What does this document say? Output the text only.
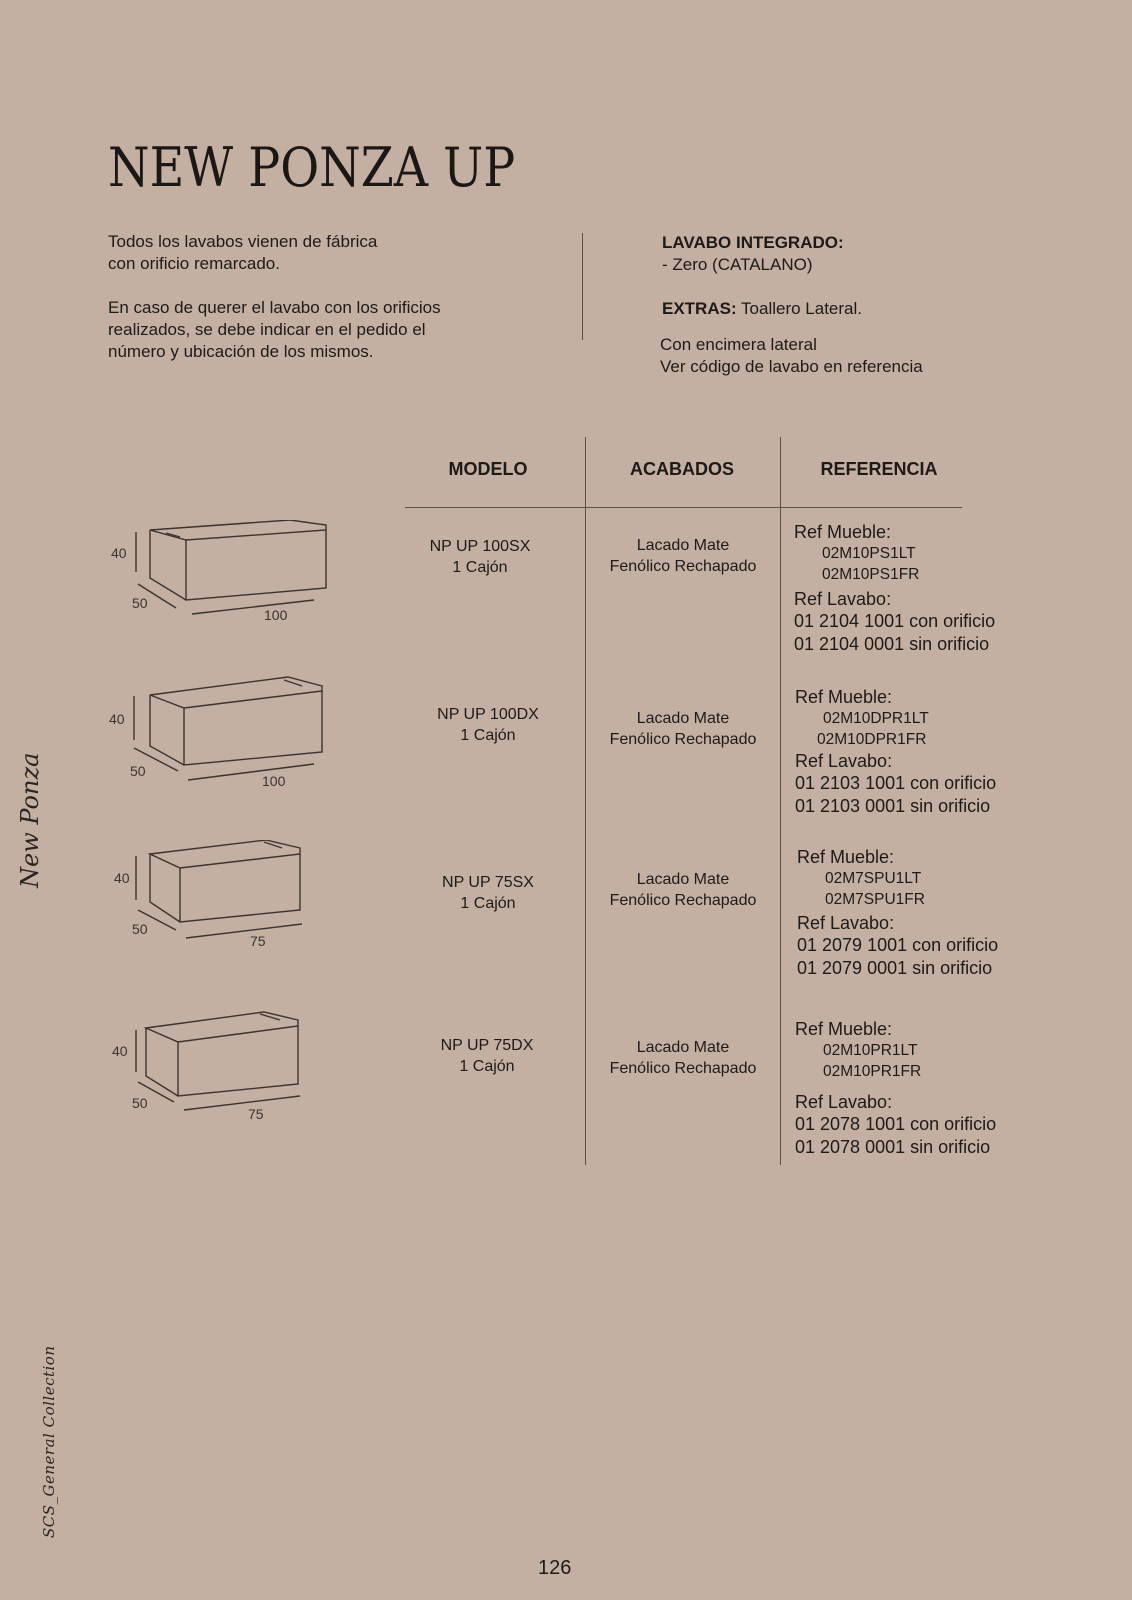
NEW PONZA UP

Todos los lavabos vienen de fábrica

con orificio remarcado.

En caso de querer el lavabo con los orificios

realizados, se debe indicar en el pedido el

número y ubicación de los mismos.

LAVABO INTEGRADO:

- Zero (CATALANO)

EXTRAS: Toallero Lateral.

Con encimera lateral

Ver código de lavabo en referencia

MODELO	ACABADOS	REFERENCIA
40
50
100
NP UP 100SX
1 Cajón
Lacado Mate
Fenólico Rechapado
Ref Mueble:
02M10PS1LT
02M10PS1FR
Ref Lavabo:
01 2104 1001 con orificio
01 2104 0001 sin orificio
40
50
100
NP UP 100DX
1 Cajón
Lacado Mate
Fenólico Rechapado
Ref Mueble:
02M10DPR1LT
02M10DPR1FR
Ref Lavabo:
01 2103 1001 con orificio
01 2103 0001 sin orificio
40
50
75
NP UP 75SX
1 Cajón
Lacado Mate
Fenólico Rechapado
Ref Mueble:
02M7SPU1LT
02M7SPU1FR
Ref Lavabo:
01 2079 1001 con orificio
01 2079 0001 sin orificio
40
50
75
NP UP 75DX
1 Cajón
Lacado Mate
Fenólico Rechapado
Ref Mueble:
02M10PR1LT
02M10PR1FR
Ref Lavabo:
01 2078 1001 con orificio
01 2078 0001 sin orificio
New Ponza
SCS_General Collection
126
